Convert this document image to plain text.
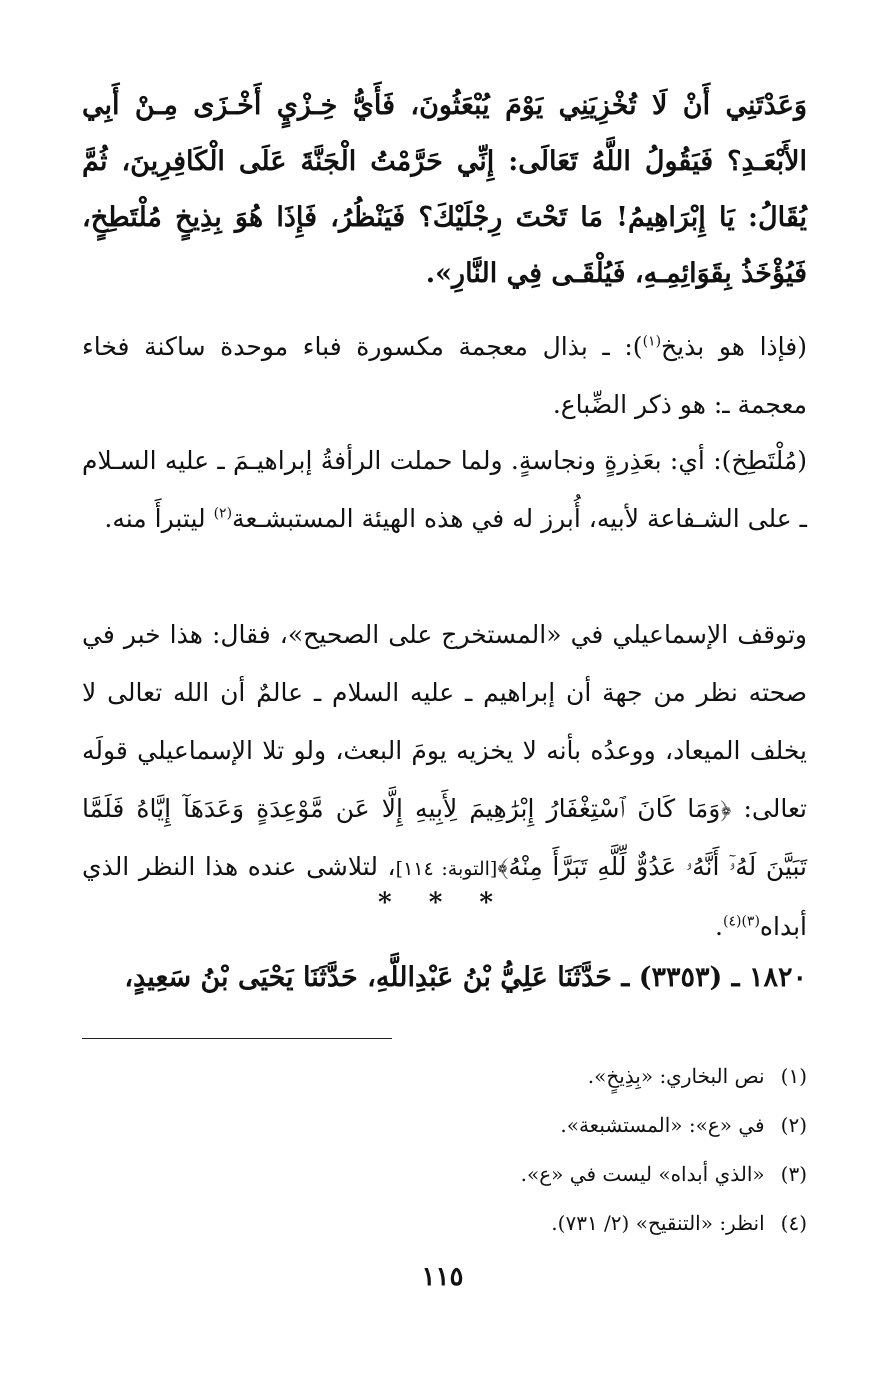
وَعَدْتَنِي أَنْ لَا تُخْزِيَنِي يَوْمَ يُبْعَثُونَ، فَأَيُّ خِـزْيٍ أَخْـزَى مِـنْ أَبِي الأَبْعَـدِ؟ فَيَقُولُ اللَّهُ تَعَالَى: إِنِّي حَرَّمْتُ الْجَنَّةَ عَلَى الْكَافِرِينَ، ثُمَّ يُقَالُ: يَا إِبْرَاهِيمُ! مَا تَحْتَ رِجْلَيْكَ؟ فَيَنْظُرُ، فَإِذَا هُوَ بِذِيخٍ مُلْتَطِخٍ، فَيُؤْخَذُ بِقَوَائِمِـهِ، فَيُلْقَـى فِي النَّارِ».

(فإذا هو بذيخ$^{(١)}$): ـ بذال معجمة مكسورة فباء موحدة ساكنة فخاء معجمة ـ: هو ذكر الضِّباع.

(مُلْتَطِخ): أي: بعَذِرةٍ ونجاسةٍ. ولما حملت الرأفةُ إبراهيـمَ ـ عليه السـلام ـ على الشـفاعة لأبيه، أُبرز له في هذه الهيئة المستبشـعة$^{(٢)}$ ليتبرأَ منه.

وتوقف الإسماعيلي في «المستخرج على الصحيح»، فقال: هذا خبر في صحته نظر من جهة أن إبراهيم ـ عليه السلام ـ عالمٌ أن الله تعالى لا يخلف الميعاد، ووعدُه بأنه لا يخزيه يومَ البعث، ولو تلا الإسماعيلي قولَه تعالى: ﴿وَمَا كَانَ ٱسْتِغْفَارُ إِبْرَٰهِيمَ لِأَبِيهِ إِلَّا عَن مَّوْعِدَةٍ وَعَدَهَآ إِيَّاهُ فَلَمَّا تَبَيَّنَ لَهُۥٓ أَنَّهُۥ عَدُوٌّ لِّلَّهِ تَبَرَّأَ مِنْهُ﴾[التوبة: ١١٤]، لتلاشى عنده هذا النظر الذي أبداه$^{(٣)(٤)}$.

* * *

١٨٢٠ ـ (٣٣٥٣) ـ حَدَّثَنَا عَلِيُّ بْنُ عَبْدِاللَّهِ، حَدَّثَنَا يَحْيَى بْنُ سَعِيدٍ،

(١)نص البخاري: «بِذِيخٍ».
(٢)في «ع»: «المستشبعة».
(٣)«الذي أبداه» ليست في «ع».
(٤)انظر: «التنقيح» (٢/ ٧٣١).
١١٥
